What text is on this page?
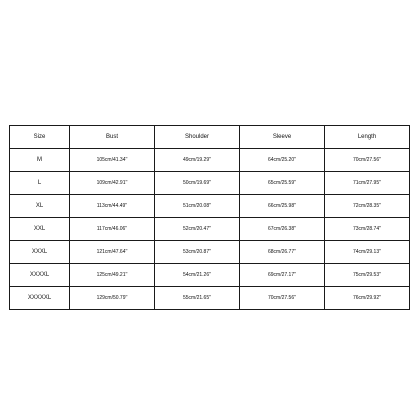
Size	Bust	Shoulder	Sleeve	Length
M	105cm/41.34''	49cm/19.29''	64cm/25.20''	70cm/27.56''
L	109cm/42.91''	50cm/19.69''	65cm/25.59''	71cm/27.95''
XL	113cm/44.49''	51cm/20.08''	66cm/25.98''	72cm/28.35''
XXL	117cm/46.06''	52cm/20.47''	67cm/26.38''	73cm/28.74''
XXXL	121cm/47.64''	53cm/20.87''	68cm/26.77''	74cm/29.13''
XXXXL	125cm/49.21''	54cm/21.26''	69cm/27.17''	75cm/29.53''
XXXXXL	129cm/50.79''	55cm/21.65''	70cm/27.56''	76cm/29.92''
